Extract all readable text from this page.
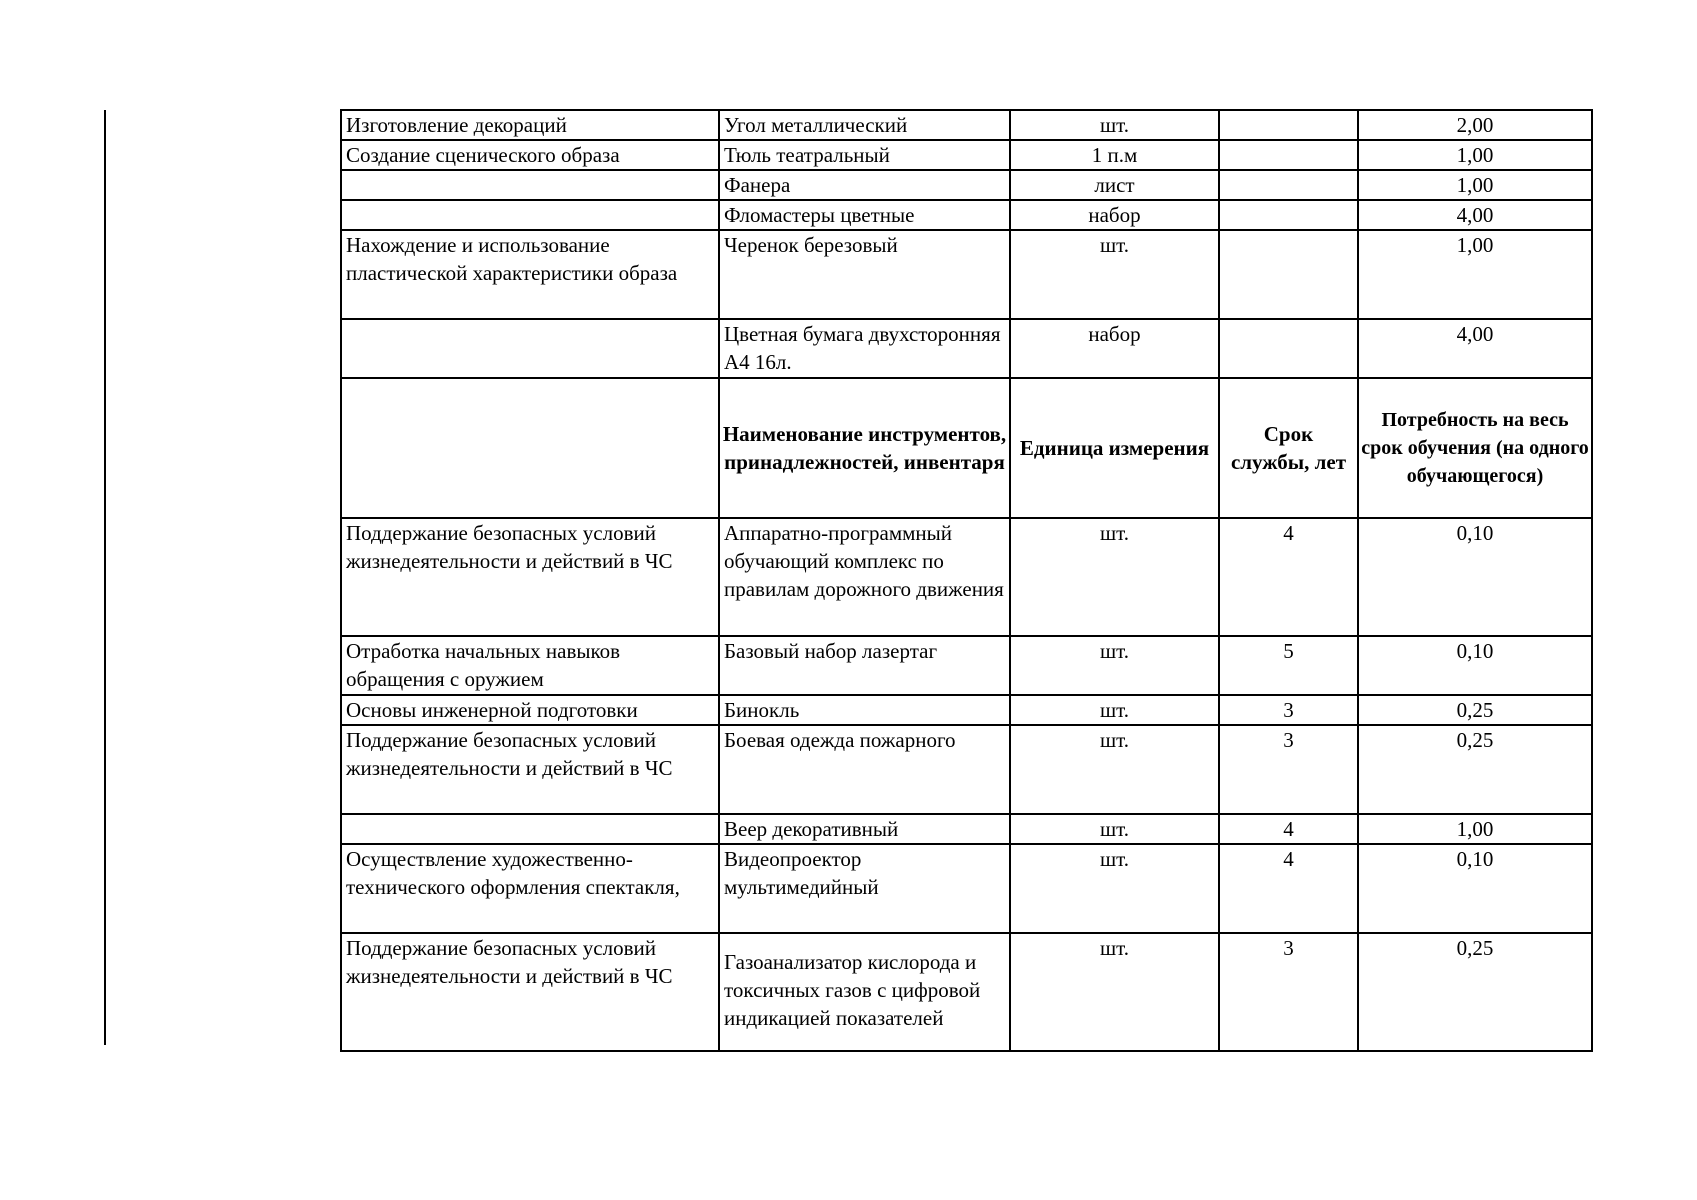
Изготовление декораций	Угол металлический	шт.		2,00
Создание сценического образа	Тюль театральный	1 п.м		1,00
	Фанера	лист		1,00
	Фломастеры цветные	набор		4,00
Нахождение и использование пластической характеристики образа	Черенок березовый	шт.		1,00
	Цветная бумага двухсторонняя А4 16л.	набор		4,00
	Наименование инструментов, принадлежностей, инвентаря	Единица измерения	Срок службы, лет	Потребность на весь срок обучения (на одного обучающегося)
Поддержание безопасных условий жизнедеятельности и действий в ЧС	Аппаратно-программный обучающий комплекс по правилам дорожного движения	шт.	4	0,10
Отработка начальных навыков обращения с оружием	Базовый набор лазертаг	шт.	5	0,10
Основы инженерной подготовки	Бинокль	шт.	3	0,25
Поддержание безопасных условий жизнедеятельности и действий в ЧС	Боевая одежда пожарного	шт.	3	0,25
	Веер декоративный	шт.	4	1,00
Осуществление художественно-технического оформления спектакля,	Видеопроектор мультимедийный	шт.	4	0,10
Поддержание безопасных условий жизнедеятельности и действий в ЧС	Газоанализатор кислорода и токсичных газов с цифровой индикацией показателей	шт.	3	0,25
